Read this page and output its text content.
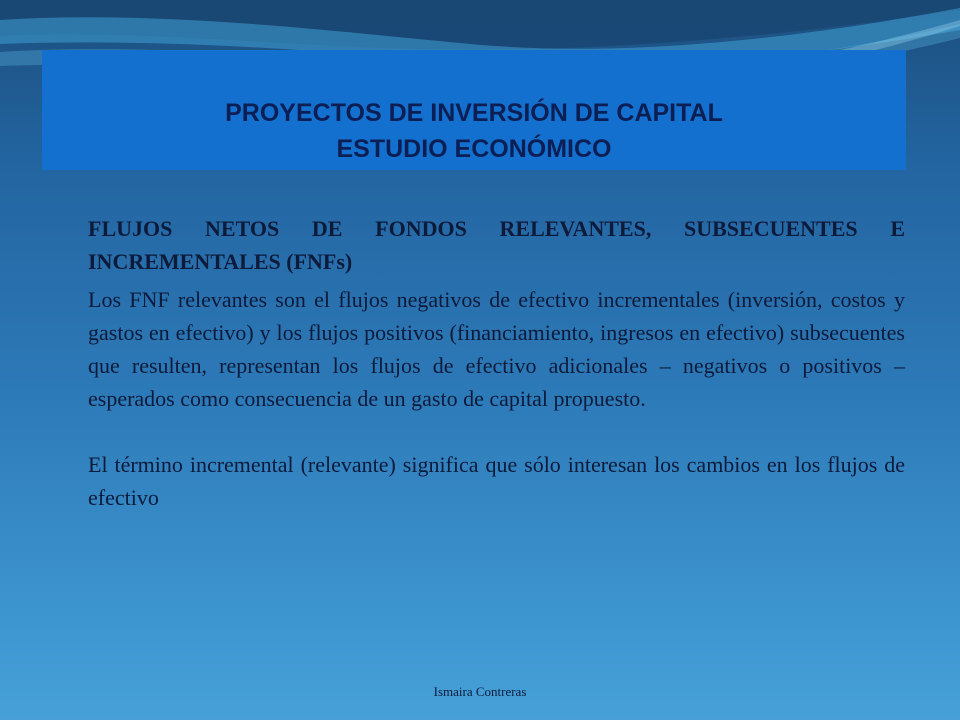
PROYECTOS DE INVERSIÓN DE CAPITAL
ESTUDIO ECONÓMICO

FLUJOS NETOS DE FONDOS RELEVANTES, SUBSECUENTES E INCREMENTALES (FNFs)

Los FNF relevantes son el flujos negativos de efectivo incrementales (inversión, costos y gastos en efectivo) y los flujos positivos (financiamiento, ingresos en efectivo) subsecuentes que resulten, representan los flujos de efectivo adicionales – negativos o positivos – esperados como consecuencia de un gasto de capital propuesto.

El término incremental (relevante) significa que sólo interesan los cambios en los flujos de efectivo

Ismaira Contreras
